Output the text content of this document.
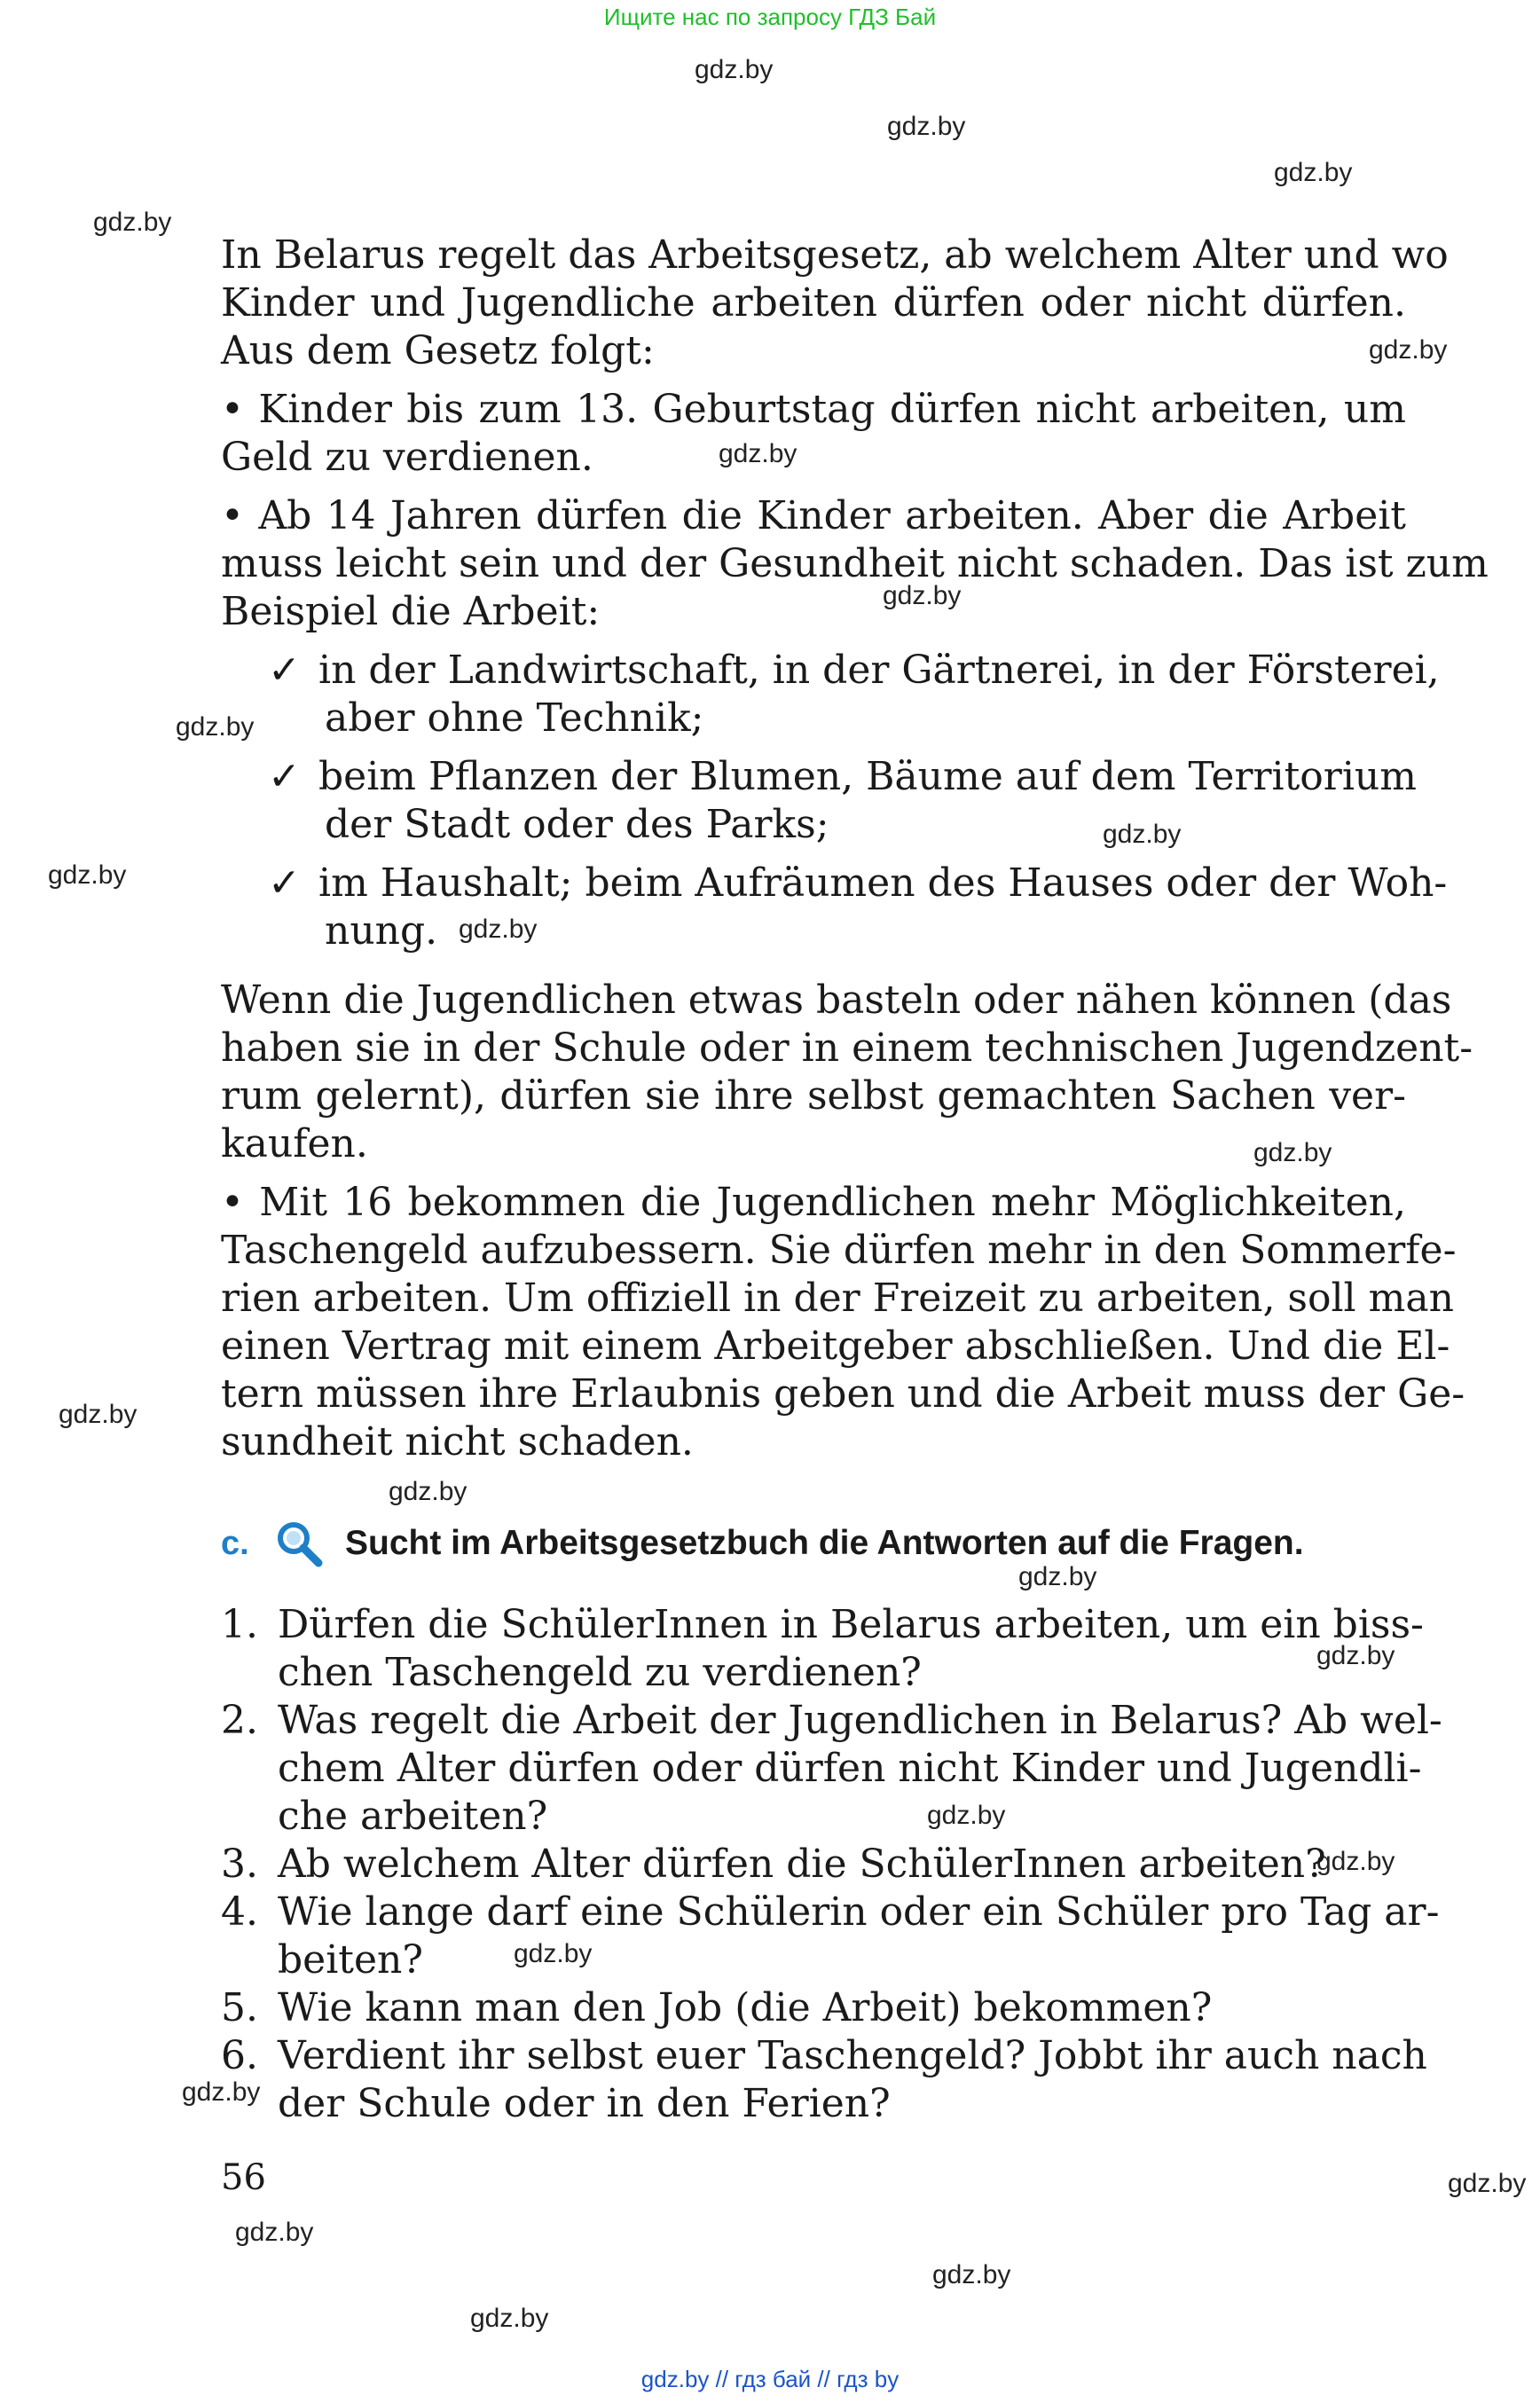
Ищите нас по запросу ГДЗ Бай
gdz.by
gdz.by
gdz.by
gdz.by
gdz.by
gdz.by
gdz.by
gdz.by
gdz.by
gdz.by
gdz.by
gdz.by
gdz.by
gdz.by
gdz.by
gdz.by
gdz.by
gdz.by
gdz.by
gdz.by
gdz.by
gdz.by
gdz.by
gdz.by
In Belarus regelt das Arbeitsgesetz, ab welchem Alter und wo
Kinder und Jugendliche arbeiten dürfen oder nicht dürfen.
Aus dem Gesetz folgt:
• Kinder bis zum 13. Geburtstag dürfen nicht arbeiten, um
Geld zu verdienen.
• Ab 14 Jahren dürfen die Kinder arbeiten. Aber die Arbeit
muss leicht sein und der Gesundheit nicht schaden. Das ist zum
Beispiel die Arbeit:
✓ in der Landwirtschaft, in der Gärtnerei, in der Försterei,
aber ohne Technik;
✓ beim Pflanzen der Blumen, Bäume auf dem Territorium
der Stadt oder des Parks;
✓ im Haushalt; beim Aufräumen des Hauses oder der Woh-
nung.
Wenn die Jugendlichen etwas basteln oder nähen können (das
haben sie in der Schule oder in einem technischen Jugendzent-
rum gelernt), dürfen sie ihre selbst gemachten Sachen ver-
kaufen.
• Mit 16 bekommen die Jugendlichen mehr Möglichkeiten,
Taschengeld aufzubessern. Sie dürfen mehr in den Sommerfe-
rien arbeiten. Um offiziell in der Freizeit zu arbeiten, soll man
einen Vertrag mit einem Arbeitgeber abschließen. Und die El-
tern müssen ihre Erlaubnis geben und die Arbeit muss der Ge-
sundheit nicht schaden.
c.	Sucht im Arbeitsgesetzbuch die Antworten auf die Fragen.
1. Dürfen die SchülerInnen in Belarus arbeiten, um ein biss-
chen Taschengeld zu verdienen?
2. Was regelt die Arbeit der Jugendlichen in Belarus? Ab wel-
chem Alter dürfen oder dürfen nicht Kinder und Jugendli-
che arbeiten?
3. Ab welchem Alter dürfen die SchülerInnen arbeiten?
4. Wie lange darf eine Schülerin oder ein Schüler pro Tag ar-
beiten?
5. Wie kann man den Job (die Arbeit) bekommen?
6. Verdient ihr selbst euer Taschengeld? Jobbt ihr auch nach
der Schule oder in den Ferien?
56
gdz.by // гдз бай // гдз by
